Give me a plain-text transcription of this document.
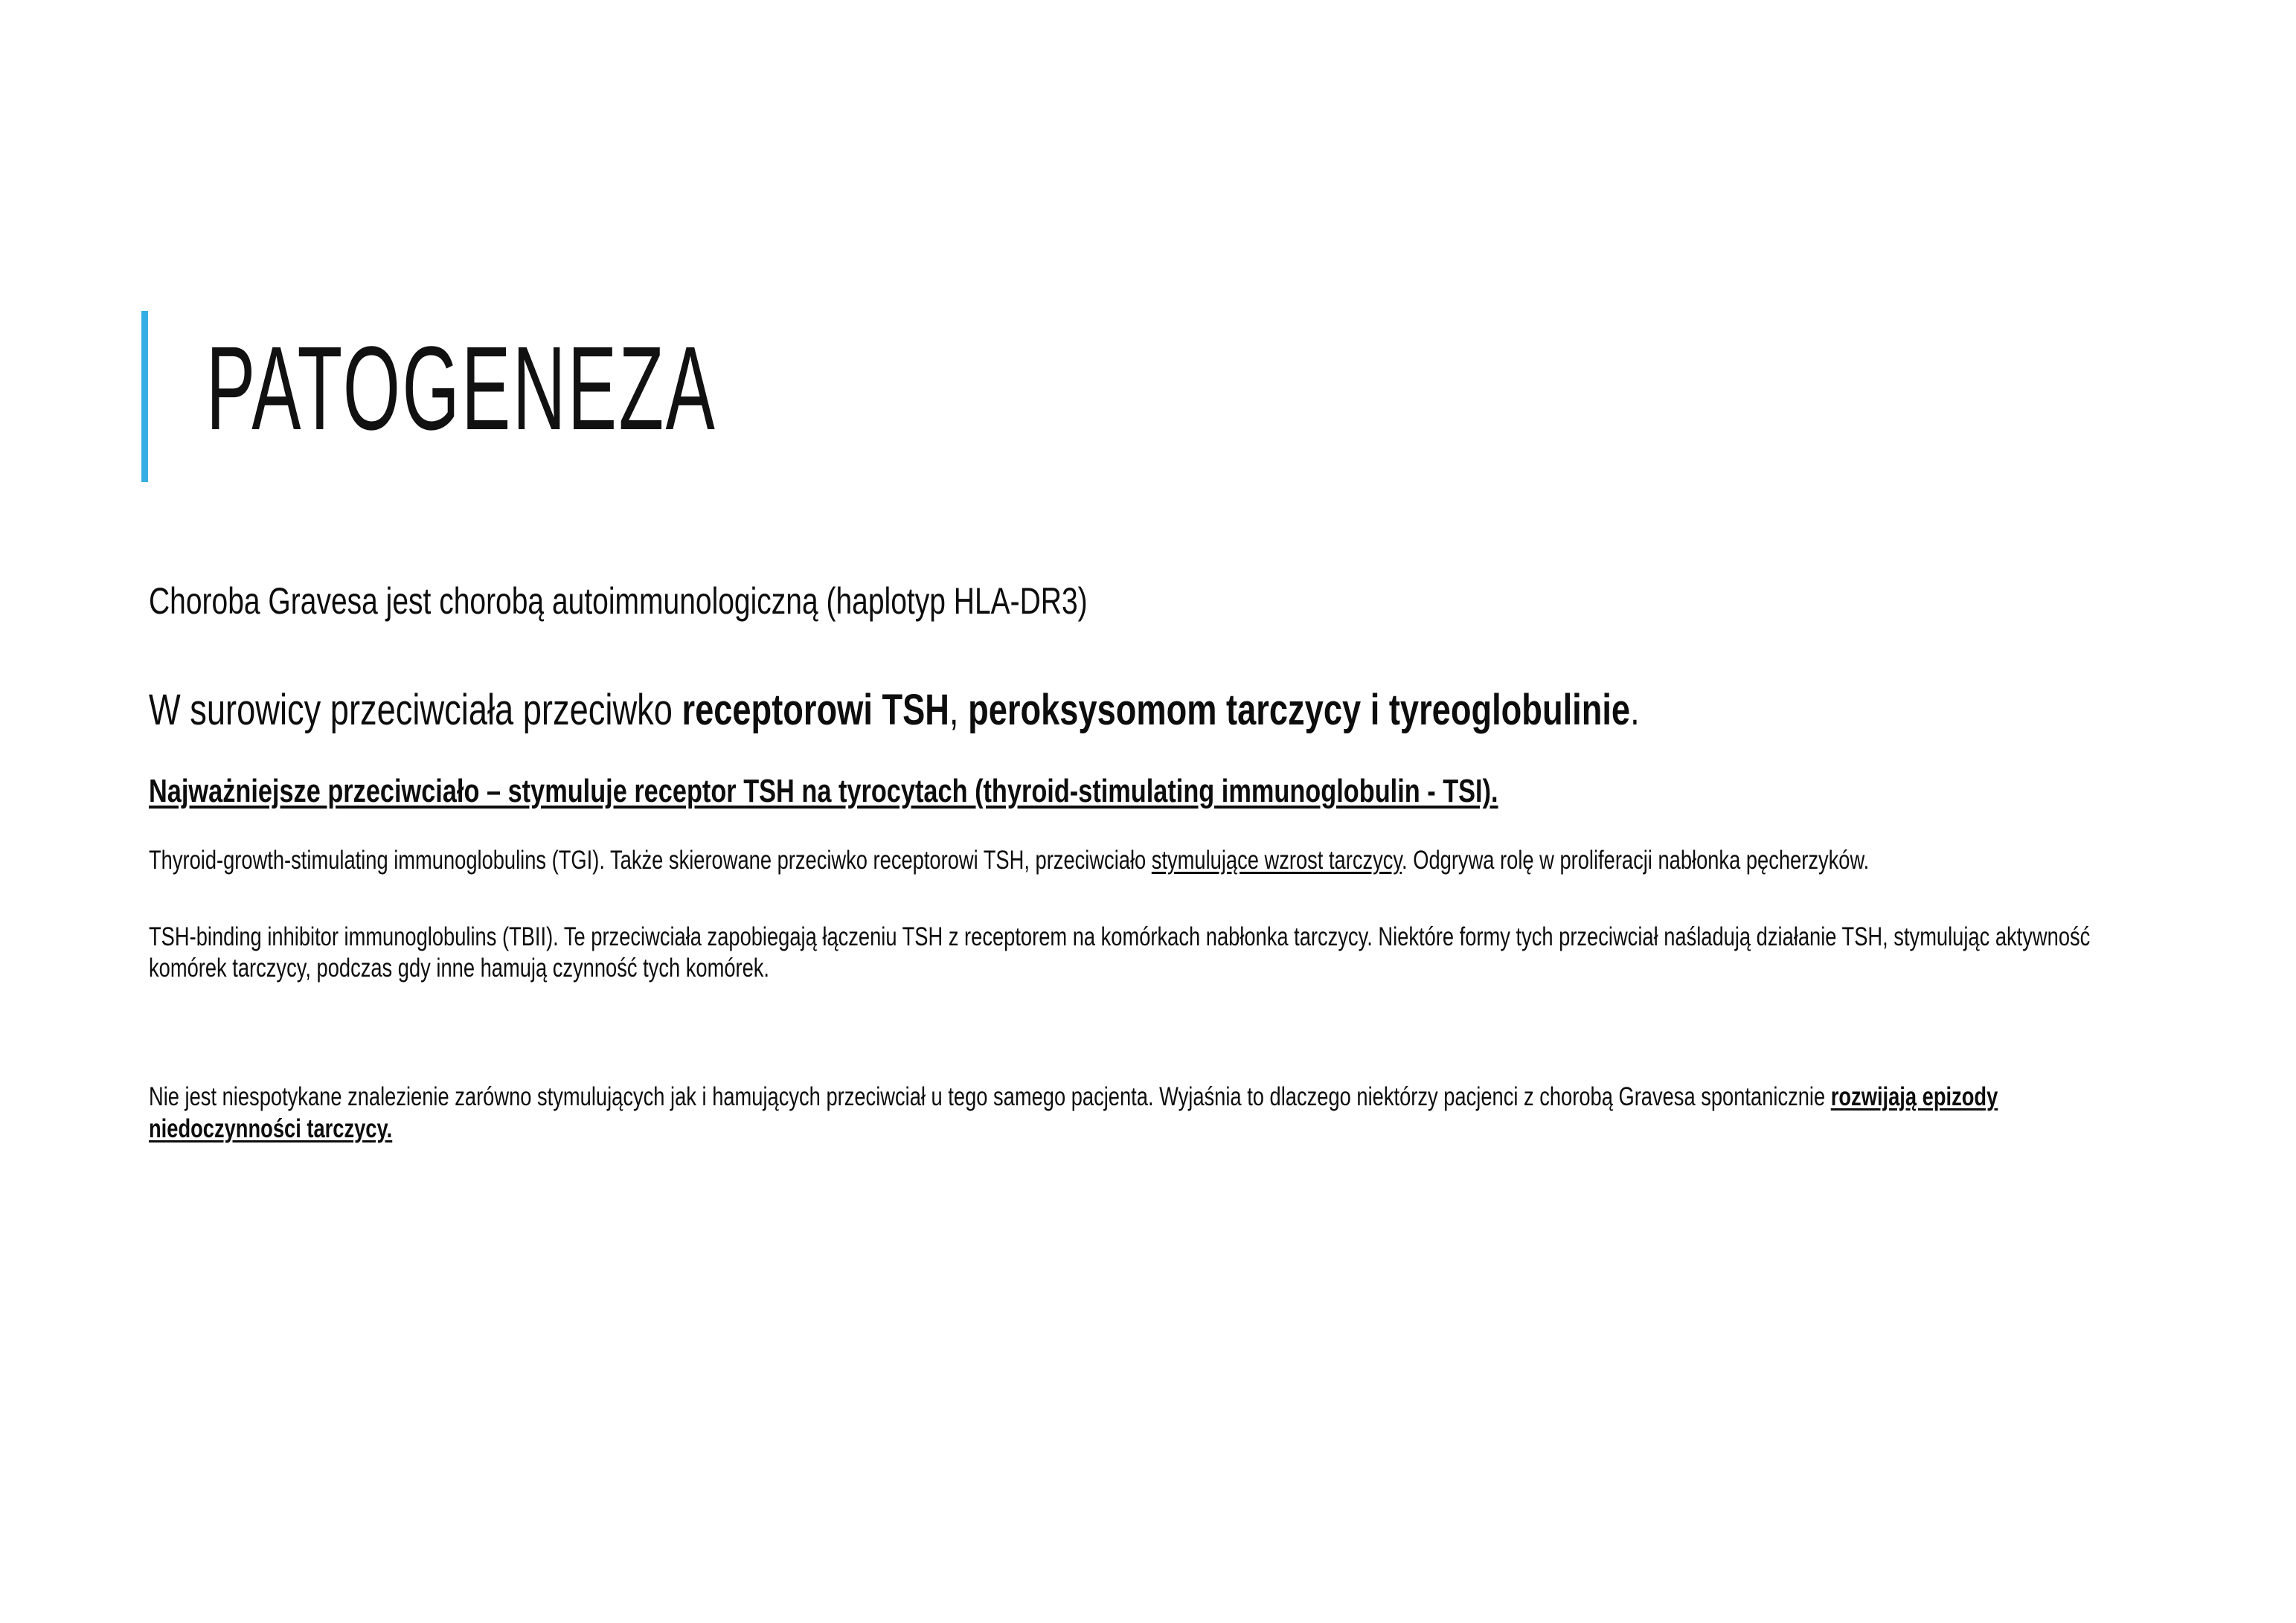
PATOGENEZA

Choroba Gravesa jest chorobą autoimmunologiczną (haplotyp HLA-DR3)

W surowicy przeciwciała przeciwko receptorowi TSH, peroksysomom tarczycy i tyreoglobulinie.

Najważniejsze przeciwciało – stymuluje receptor TSH na tyrocytach (thyroid-stimulating immunoglobulin - TSI).

Thyroid-growth-stimulating immunoglobulins (TGI). Także skierowane przeciwko receptorowi TSH, przeciwciało stymulujące wzrost tarczycy. Odgrywa rolę w proliferacji nabłonka pęcherzyków.

TSH-binding inhibitor immunoglobulins (TBII). Te przeciwciała zapobiegają łączeniu TSH z receptorem na komórkach nabłonka tarczycy. Niektóre formy tych przeciwciał naśladują działanie TSH, stymulując aktywność komórek tarczycy, podczas gdy inne hamują czynność tych komórek.

Nie jest niespotykane znalezienie zarówno stymulujących jak i hamujących przeciwciał u tego samego pacjenta. Wyjaśnia to dlaczego niektórzy pacjenci z chorobą Gravesa spontanicznie rozwijają epizody niedoczynności tarczycy.
